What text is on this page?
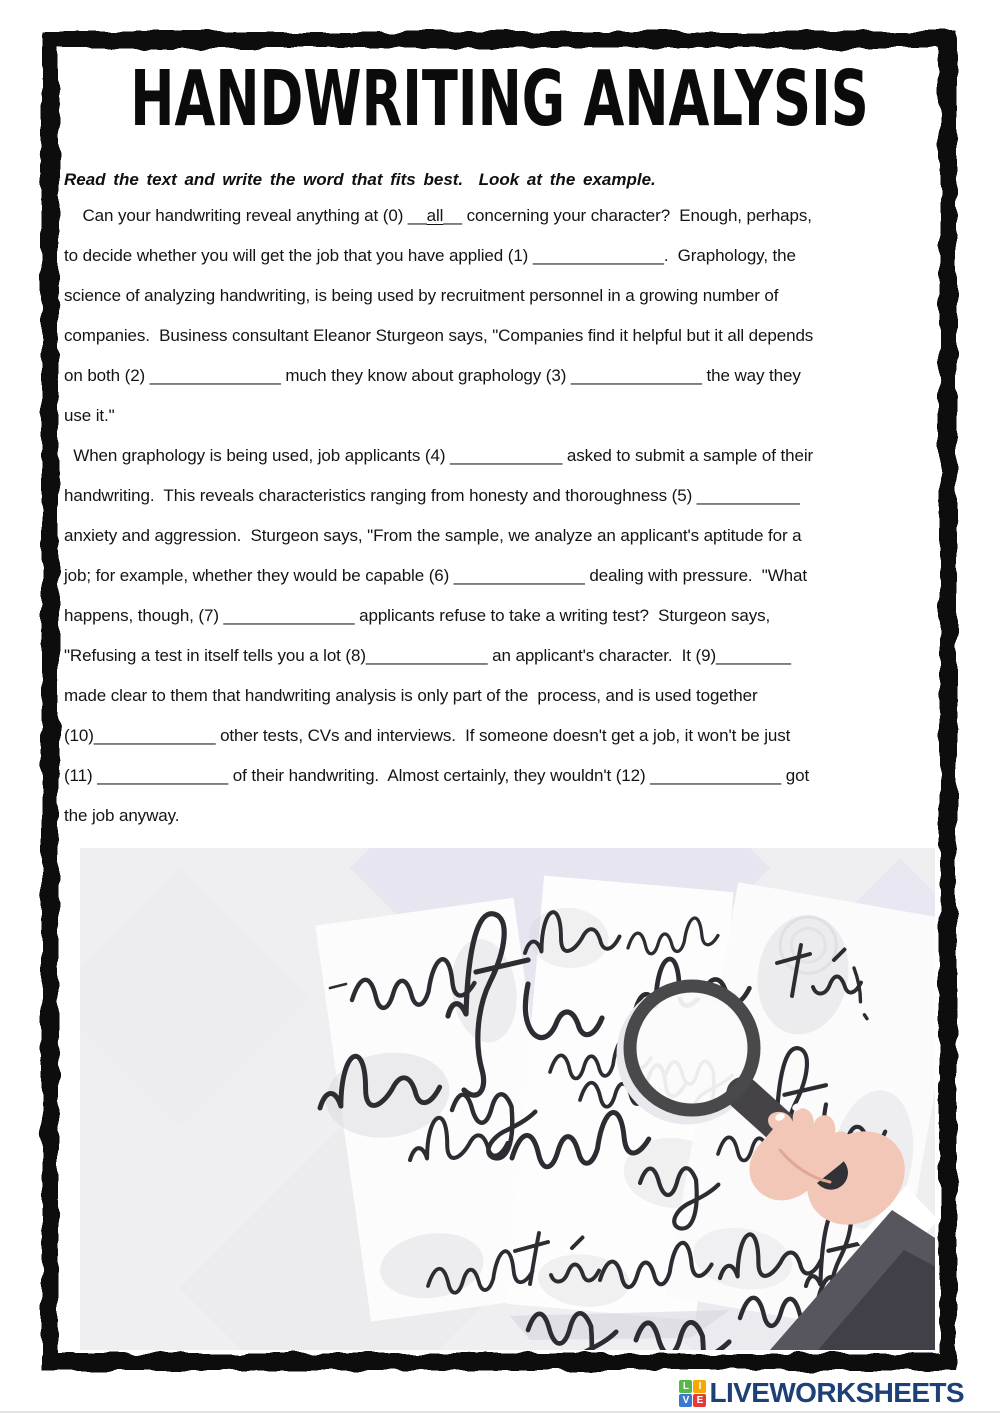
HANDWRITING ANALYSIS
Read the text and write the word that fits best.  Look at the example.
Can your handwriting reveal anything at (0) __all__ concerning your character?  Enough, perhaps,
to decide whether you will get the job that you have applied (1) ______________.  Graphology, the
science of analyzing handwriting, is being used by recruitment personnel in a growing number of
companies.  Business consultant Eleanor Sturgeon says, "Companies find it helpful but it all depends
on both (2) ______________ much they know about graphology (3) ______________ the way they
use it."
When graphology is being used, job applicants (4) ____________ asked to submit a sample of their
handwriting.  This reveals characteristics ranging from honesty and thoroughness (5) ___________
anxiety and aggression.  Sturgeon says, "From the sample, we analyze an applicant's aptitude for a
job; for example, whether they would be capable (6) ______________ dealing with pressure.  "What
happens, though, (7) ______________ applicants refuse to take a writing test?  Sturgeon says,
"Refusing a test in itself tells you a lot (8)_____________ an applicant's character.  It (9)________
made clear to them that handwriting analysis is only part of the  process, and is used together
(10)_____________ other tests, CVs and interviews.  If someone doesn't get a job, it won't be just
(11) ______________ of their handwriting.  Almost certainly, they wouldn't (12) ______________ got
the job anyway.
L I
V E LIVEWORKSHEETS
